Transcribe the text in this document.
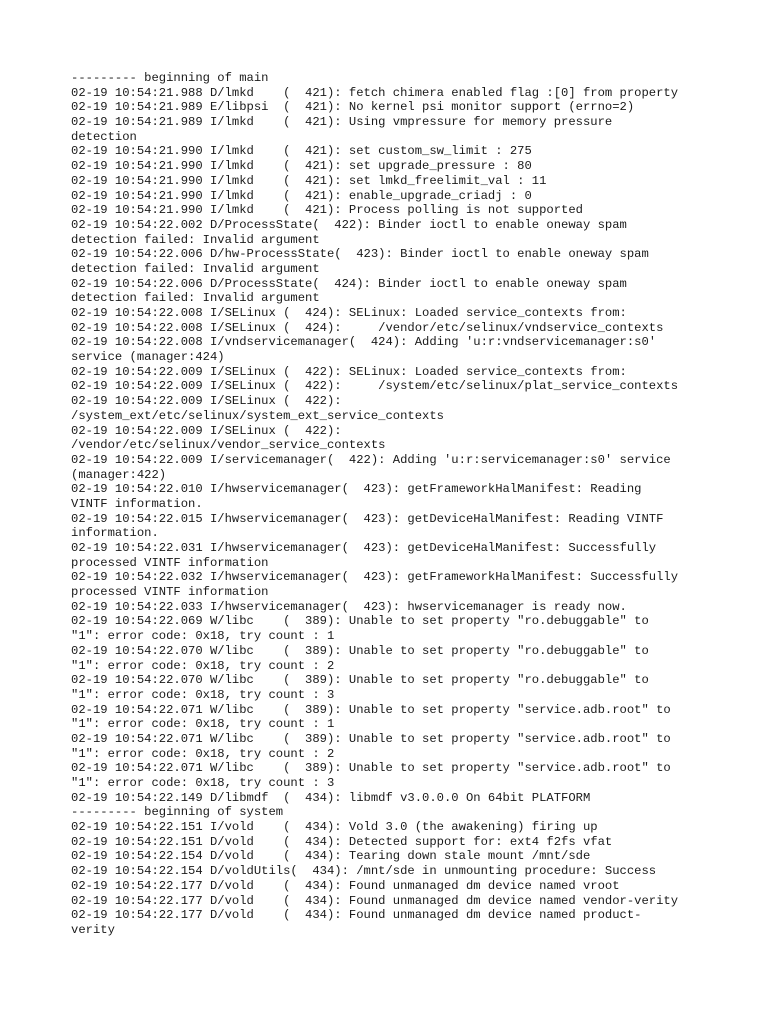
--------- beginning of main
02-19 10:54:21.988 D/lmkd    (  421): fetch chimera enabled flag :[0] from property
02-19 10:54:21.989 E/libpsi  (  421): No kernel psi monitor support (errno=2)
02-19 10:54:21.989 I/lmkd    (  421): Using vmpressure for memory pressure
detection
02-19 10:54:21.990 I/lmkd    (  421): set custom_sw_limit : 275
02-19 10:54:21.990 I/lmkd    (  421): set upgrade_pressure : 80
02-19 10:54:21.990 I/lmkd    (  421): set lmkd_freelimit_val : 11
02-19 10:54:21.990 I/lmkd    (  421): enable_upgrade_criadj : 0
02-19 10:54:21.990 I/lmkd    (  421): Process polling is not supported
02-19 10:54:22.002 D/ProcessState(  422): Binder ioctl to enable oneway spam
detection failed: Invalid argument
02-19 10:54:22.006 D/hw-ProcessState(  423): Binder ioctl to enable oneway spam
detection failed: Invalid argument
02-19 10:54:22.006 D/ProcessState(  424): Binder ioctl to enable oneway spam
detection failed: Invalid argument
02-19 10:54:22.008 I/SELinux (  424): SELinux: Loaded service_contexts from:
02-19 10:54:22.008 I/SELinux (  424):     /vendor/etc/selinux/vndservice_contexts
02-19 10:54:22.008 I/vndservicemanager(  424): Adding 'u:r:vndservicemanager:s0'
service (manager:424)
02-19 10:54:22.009 I/SELinux (  422): SELinux: Loaded service_contexts from:
02-19 10:54:22.009 I/SELinux (  422):     /system/etc/selinux/plat_service_contexts
02-19 10:54:22.009 I/SELinux (  422):
/system_ext/etc/selinux/system_ext_service_contexts
02-19 10:54:22.009 I/SELinux (  422):
/vendor/etc/selinux/vendor_service_contexts
02-19 10:54:22.009 I/servicemanager(  422): Adding 'u:r:servicemanager:s0' service
(manager:422)
02-19 10:54:22.010 I/hwservicemanager(  423): getFrameworkHalManifest: Reading
VINTF information.
02-19 10:54:22.015 I/hwservicemanager(  423): getDeviceHalManifest: Reading VINTF
information.
02-19 10:54:22.031 I/hwservicemanager(  423): getDeviceHalManifest: Successfully
processed VINTF information
02-19 10:54:22.032 I/hwservicemanager(  423): getFrameworkHalManifest: Successfully
processed VINTF information
02-19 10:54:22.033 I/hwservicemanager(  423): hwservicemanager is ready now.
02-19 10:54:22.069 W/libc    (  389): Unable to set property "ro.debuggable" to
"1": error code: 0x18, try count : 1
02-19 10:54:22.070 W/libc    (  389): Unable to set property "ro.debuggable" to
"1": error code: 0x18, try count : 2
02-19 10:54:22.070 W/libc    (  389): Unable to set property "ro.debuggable" to
"1": error code: 0x18, try count : 3
02-19 10:54:22.071 W/libc    (  389): Unable to set property "service.adb.root" to
"1": error code: 0x18, try count : 1
02-19 10:54:22.071 W/libc    (  389): Unable to set property "service.adb.root" to
"1": error code: 0x18, try count : 2
02-19 10:54:22.071 W/libc    (  389): Unable to set property "service.adb.root" to
"1": error code: 0x18, try count : 3
02-19 10:54:22.149 D/libmdf  (  434): libmdf v3.0.0.0 On 64bit PLATFORM
--------- beginning of system
02-19 10:54:22.151 I/vold    (  434): Vold 3.0 (the awakening) firing up
02-19 10:54:22.151 D/vold    (  434): Detected support for: ext4 f2fs vfat
02-19 10:54:22.154 D/vold    (  434): Tearing down stale mount /mnt/sde
02-19 10:54:22.154 D/voldUtils(  434): /mnt/sde in unmounting procedure: Success
02-19 10:54:22.177 D/vold    (  434): Found unmanaged dm device named vroot
02-19 10:54:22.177 D/vold    (  434): Found unmanaged dm device named vendor-verity
02-19 10:54:22.177 D/vold    (  434): Found unmanaged dm device named product-
verity
